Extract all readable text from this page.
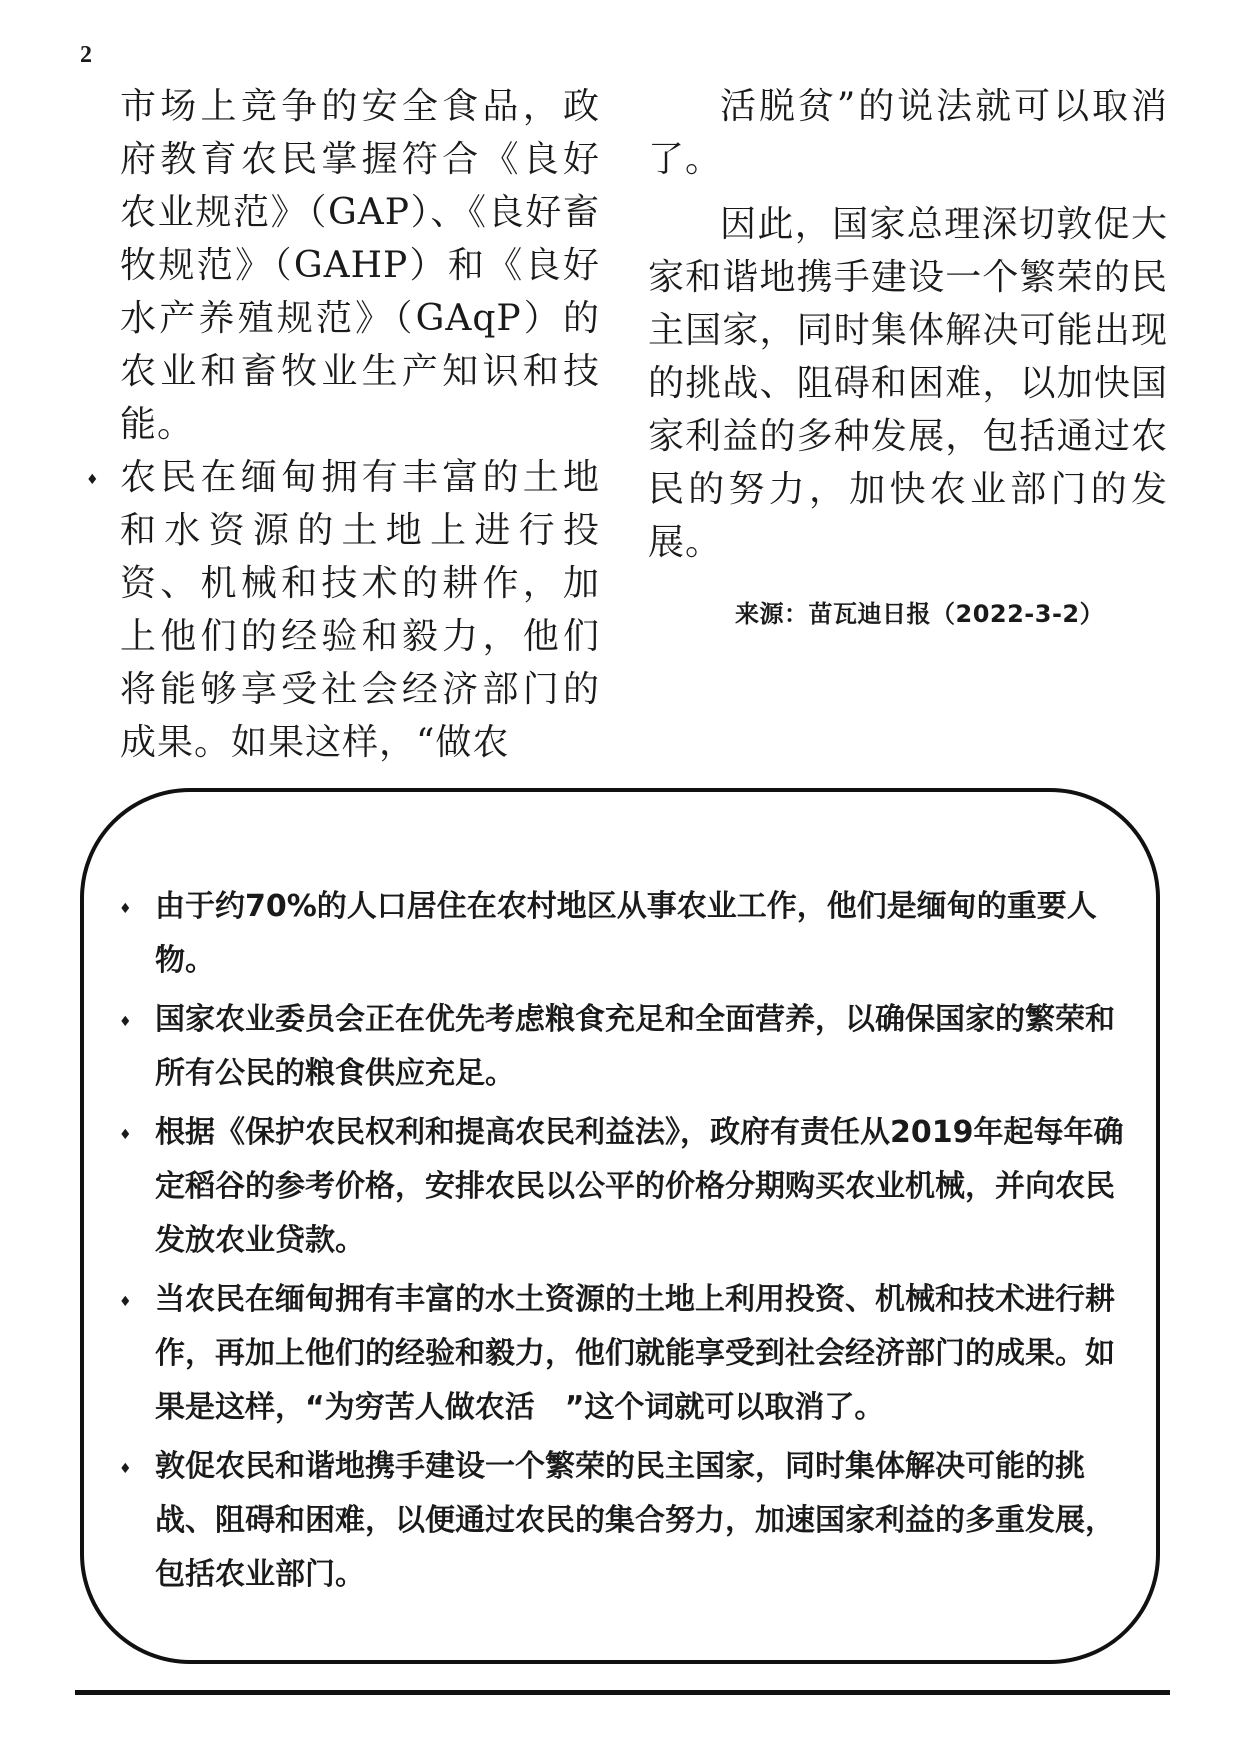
2

市场上竞争的安全食品，政府教育农民掌握符合《良好农业规范》（GAP）、《良好畜牧规范》（GAHP）和《良好水产养殖规范》（GAqP）的农业和畜牧业生产知识和技能。

♦ 农民在缅甸拥有丰富的土地和水资源的土地上进行投资、机械和技术的耕作，加上他们的经验和毅力，他们将能够享受社会经济部门的成果。如果这样，“做农

活脱贫”的说法就可以取消了。

因此，国家总理深切敦促大家和谐地携手建设一个繁荣的民主国家，同时集体解决可能出现的挑战、阻碍和困难，以加快国家利益的多种发展，包括通过农民的努力，加快农业部门的发展。

来源：苗瓦迪日报（2022-3-2）
♦ 由于约70%的人口居住在农村地区从事农业工作，他们是缅甸的重要人物。
♦ 国家农业委员会正在优先考虑粮食充足和全面营养，以确保国家的繁荣和所有公民的粮食供应充足。
♦ 根据《保护农民权利和提高农民利益法》，政府有责任从2019年起每年确定稻谷的参考价格，安排农民以公平的价格分期购买农业机械，并向农民发放农业贷款。
♦ 当农民在缅甸拥有丰富的水土资源的土地上利用投资、机械和技术进行耕作，再加上他们的经验和毅力，他们就能享受到社会经济部门的成果。如果是这样，“为穷苦人做农活　”这个词就可以取消了。
♦ 敦促农民和谐地携手建设一个繁荣的民主国家，同时集体解决可能的挑战、阻碍和困难，以便通过农民的集合努力，加速国家利益的多重发展，包括农业部门。
